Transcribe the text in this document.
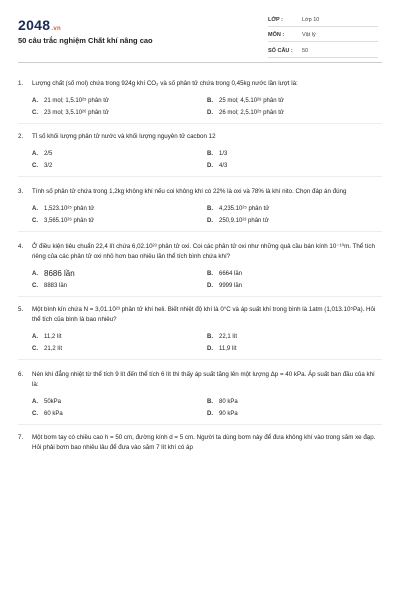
2048.vn
50 câu trắc nghiệm Chất khí nâng cao
LỚP :	Lớp 10
MÔN :	Vật lý
SỐ CÂU :	50
1.	Lượng chất (số mol) chứa trong 924g khí CO₂ và số phân tử chứa trong 0,45kg nước lần lượt là:
A.	21 mol; 1,5.10²⁵ phân tử	B.	25 mol; 4,5.10²⁸ phân tử
C.	23 mol; 3,5.10²⁶ phân tử	D.	26 mol; 2,5.10²⁵ phân tử
2.	Tỉ số khối lượng phân tử nước và khối lượng nguyên tử cacbon 12
A.	2/5	B.	1/3
C.	3/2	D.	4/3
3.	Tính số phân tử chứa trong 1,2kg không khí nếu coi không khí có 22% là oxi và 78% là khí nito. Chọn đáp án đúng
A.	1,523.10²⁵ phân tử	B.	4,235.10²⁵ phân tử
C.	3,565.10²⁶ phân tử	D.	250,9.10²³ phân tử
4.	Ở điều kiện tiêu chuẩn 22,4 lít chứa 6,02.10²³ phân tử oxi. Coi các phân tử oxi như những quả cầu bán kính 10⁻¹⁰m. Thể tích riêng của các phân tử oxi nhỏ hơn bao nhiêu lần thể tích bình chứa khí?
A. 8686 lần	B.	6664 lần
C.	8883 lần	D.	9999 lần
5.	Một bình kín chứa N = 3,01.10²³ phân tử khí heli. Biết nhiệt độ khí là 0°C và áp suất khí trong bình là 1atm (1,013.10⁵Pa). Hỏi thể tích của bình là bao nhiêu?
A.	11,2 lít	B.	22,1 lít
C.	21,2 lít	D.	11,9 lít
6.	Nén khí đẳng nhiệt từ thể tích 9 lít đến thể tích 6 lít thì thấy áp suất tăng lên một lượng Δp = 40 kPa. Áp suất ban đầu của khí là:
A.	50kPa	B.	80 kPa
C.	60 kPa	D.	90 kPa
7.	Một bơm tay có chiều cao h = 50 cm, đường kính d = 5 cm. Người ta dùng bơm này để đưa không khí vào trong săm xe đạp. Hỏi phải bơm bao nhiêu lâu để đưa vào săm 7 lít khí có áp
